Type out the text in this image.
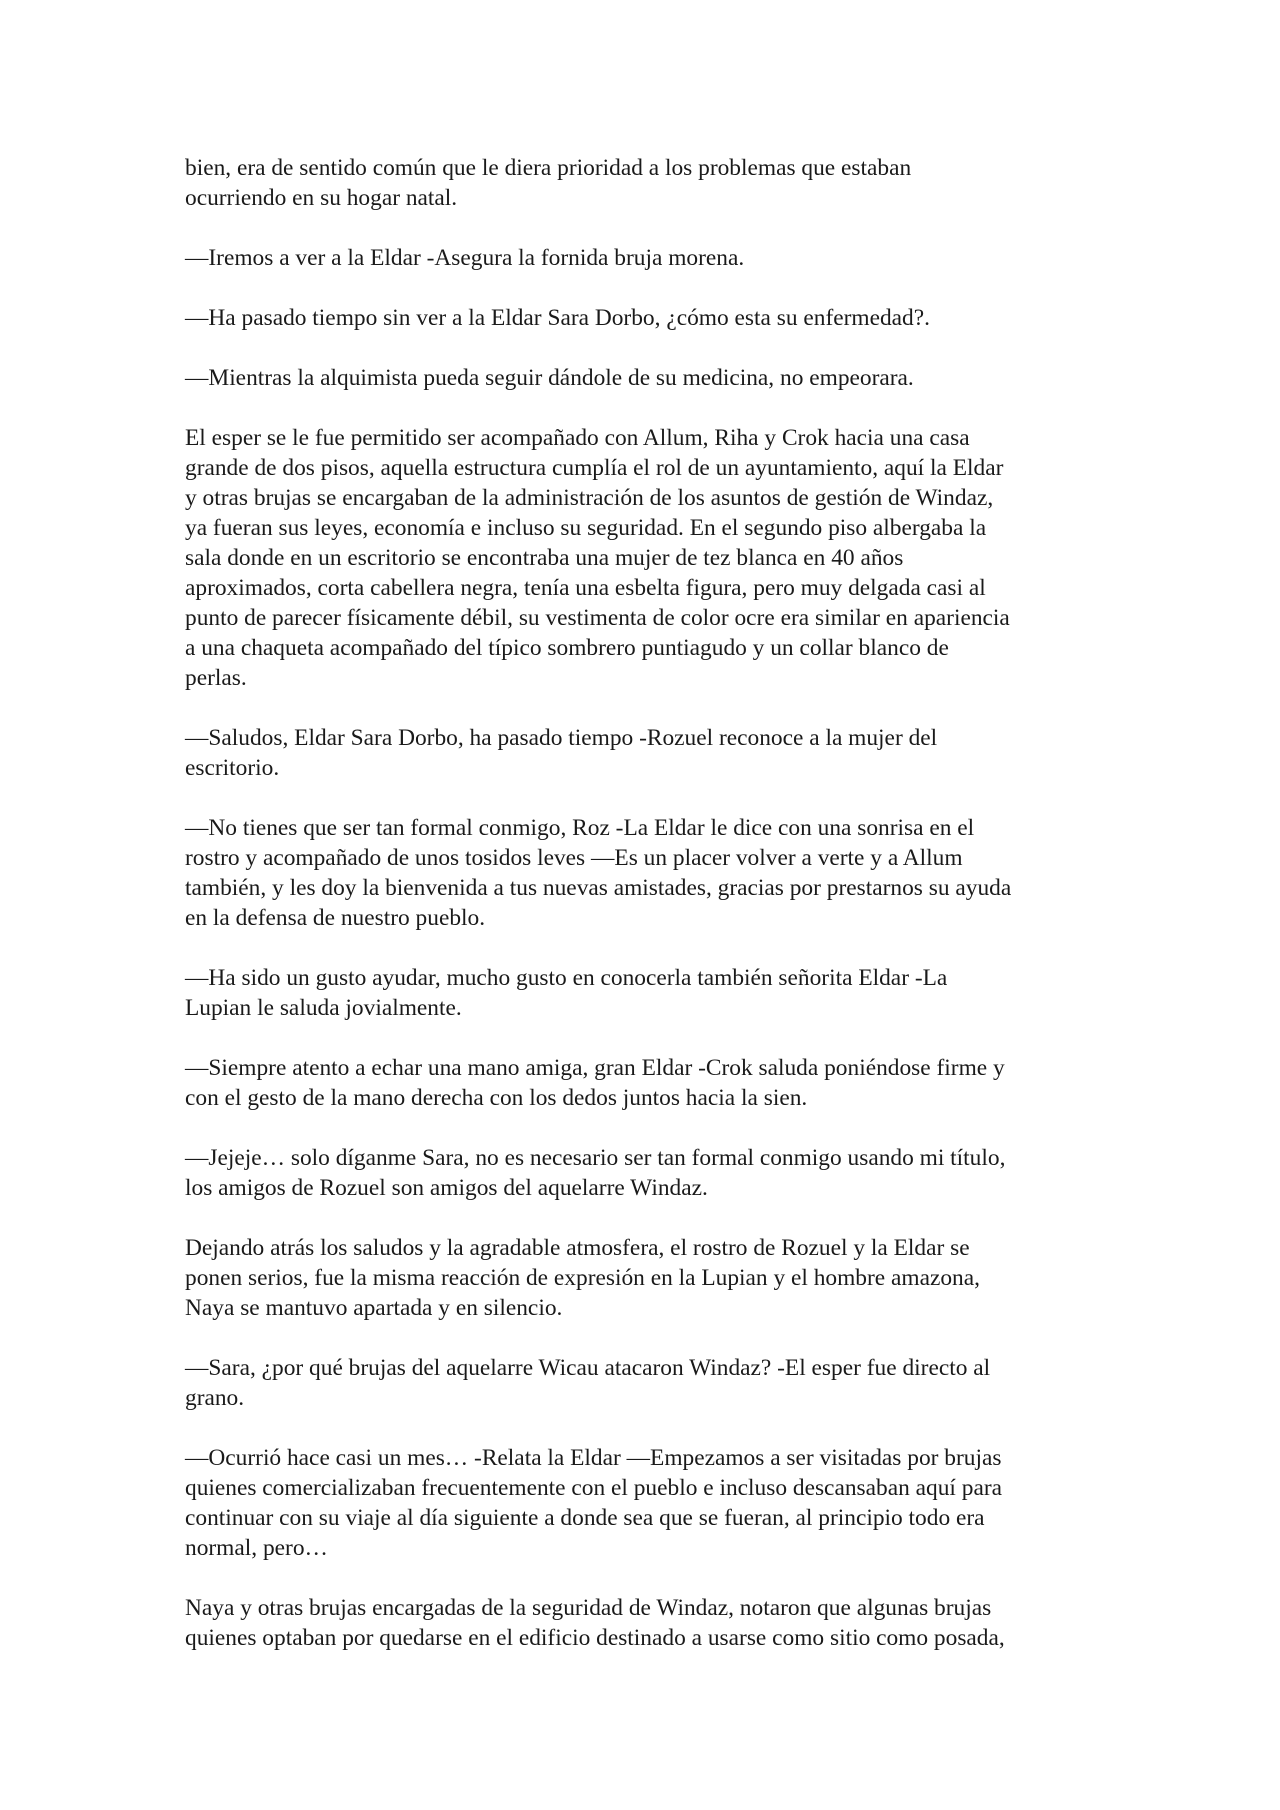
bien, era de sentido común que le diera prioridad a los problemas que estaban
ocurriendo en su hogar natal.

—Iremos a ver a la Eldar -Asegura la fornida bruja morena.

—Ha pasado tiempo sin ver a la Eldar Sara Dorbo, ¿cómo esta su enfermedad?.

—Mientras la alquimista pueda seguir dándole de su medicina, no empeorara.

El esper se le fue permitido ser acompañado con Allum, Riha y Crok hacia una casa
grande de dos pisos, aquella estructura cumplía el rol de un ayuntamiento, aquí la Eldar
y otras brujas se encargaban de la administración de los asuntos de gestión de Windaz,
ya fueran sus leyes, economía e incluso su seguridad. En el segundo piso albergaba la
sala donde en un escritorio se encontraba una mujer de tez blanca en 40 años
aproximados, corta cabellera negra, tenía una esbelta figura, pero muy delgada casi al
punto de parecer físicamente débil, su vestimenta de color ocre era similar en apariencia
a una chaqueta acompañado del típico sombrero puntiagudo y un collar blanco de
perlas.

—Saludos, Eldar Sara Dorbo, ha pasado tiempo -Rozuel reconoce a la mujer del
escritorio.

—No tienes que ser tan formal conmigo, Roz -La Eldar le dice con una sonrisa en el
rostro y acompañado de unos tosidos leves —Es un placer volver a verte y a Allum
también, y les doy la bienvenida a tus nuevas amistades, gracias por prestarnos su ayuda
en la defensa de nuestro pueblo.

—Ha sido un gusto ayudar, mucho gusto en conocerla también señorita Eldar -La
Lupian le saluda jovialmente.

—Siempre atento a echar una mano amiga, gran Eldar -Crok saluda poniéndose firme y
con el gesto de la mano derecha con los dedos juntos hacia la sien.

—Jejeje… solo díganme Sara, no es necesario ser tan formal conmigo usando mi título,
los amigos de Rozuel son amigos del aquelarre Windaz.

Dejando atrás los saludos y la agradable atmosfera, el rostro de Rozuel y la Eldar se
ponen serios, fue la misma reacción de expresión en la Lupian y el hombre amazona,
Naya se mantuvo apartada y en silencio.

—Sara, ¿por qué brujas del aquelarre Wicau atacaron Windaz? -El esper fue directo al
grano.

—Ocurrió hace casi un mes… -Relata la Eldar —Empezamos a ser visitadas por brujas
quienes comercializaban frecuentemente con el pueblo e incluso descansaban aquí para
continuar con su viaje al día siguiente a donde sea que se fueran, al principio todo era
normal, pero…

Naya y otras brujas encargadas de la seguridad de Windaz, notaron que algunas brujas
quienes optaban por quedarse en el edificio destinado a usarse como sitio como posada,
